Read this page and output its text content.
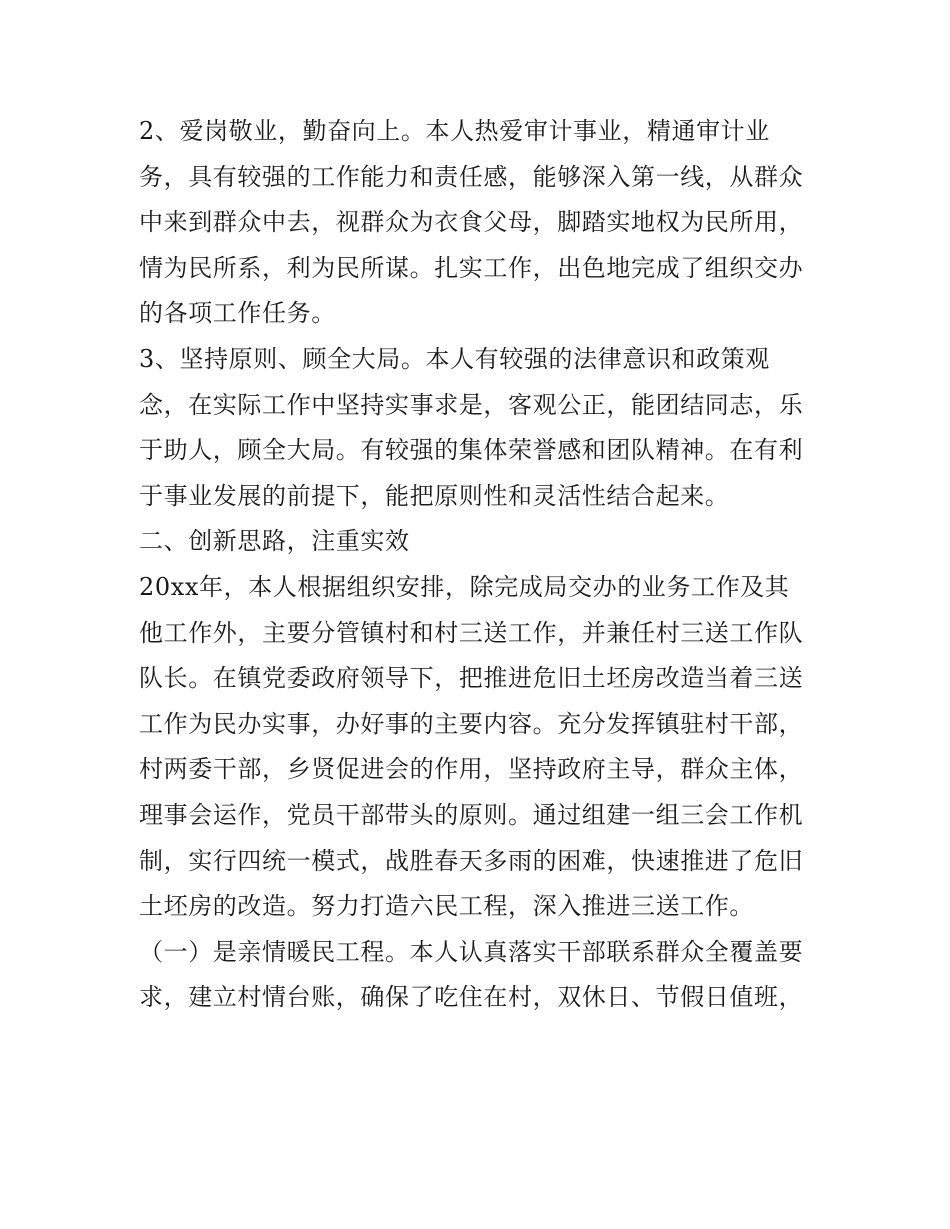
2、爱岗敬业，勤奋向上。本人热爱审计事业，精通审计业
务，具有较强的工作能力和责任感，能够深入第一线，从群众
中来到群众中去，视群众为衣食父母，脚踏实地权为民所用，
情为民所系，利为民所谋。扎实工作，出色地完成了组织交办
的各项工作任务。
3、坚持原则、顾全大局。本人有较强的法律意识和政策观
念，在实际工作中坚持实事求是，客观公正，能团结同志，乐
于助人，顾全大局。有较强的集体荣誉感和团队精神。在有利
于事业发展的前提下，能把原则性和灵活性结合起来。
二、创新思路，注重实效
20xx年，本人根据组织安排，除完成局交办的业务工作及其
他工作外，主要分管镇村和村三送工作，并兼任村三送工作队
队长。在镇党委政府领导下，把推进危旧土坯房改造当着三送
工作为民办实事，办好事的主要内容。充分发挥镇驻村干部，
村两委干部，乡贤促进会的作用，坚持政府主导，群众主体，
理事会运作，党员干部带头的原则。通过组建一组三会工作机
制，实行四统一模式，战胜春天多雨的困难，快速推进了危旧
土坯房的改造。努力打造六民工程，深入推进三送工作。
（一）是亲情暖民工程。本人认真落实干部联系群众全覆盖要
求，建立村情台账，确保了吃住在村，双休日、节假日值班，
